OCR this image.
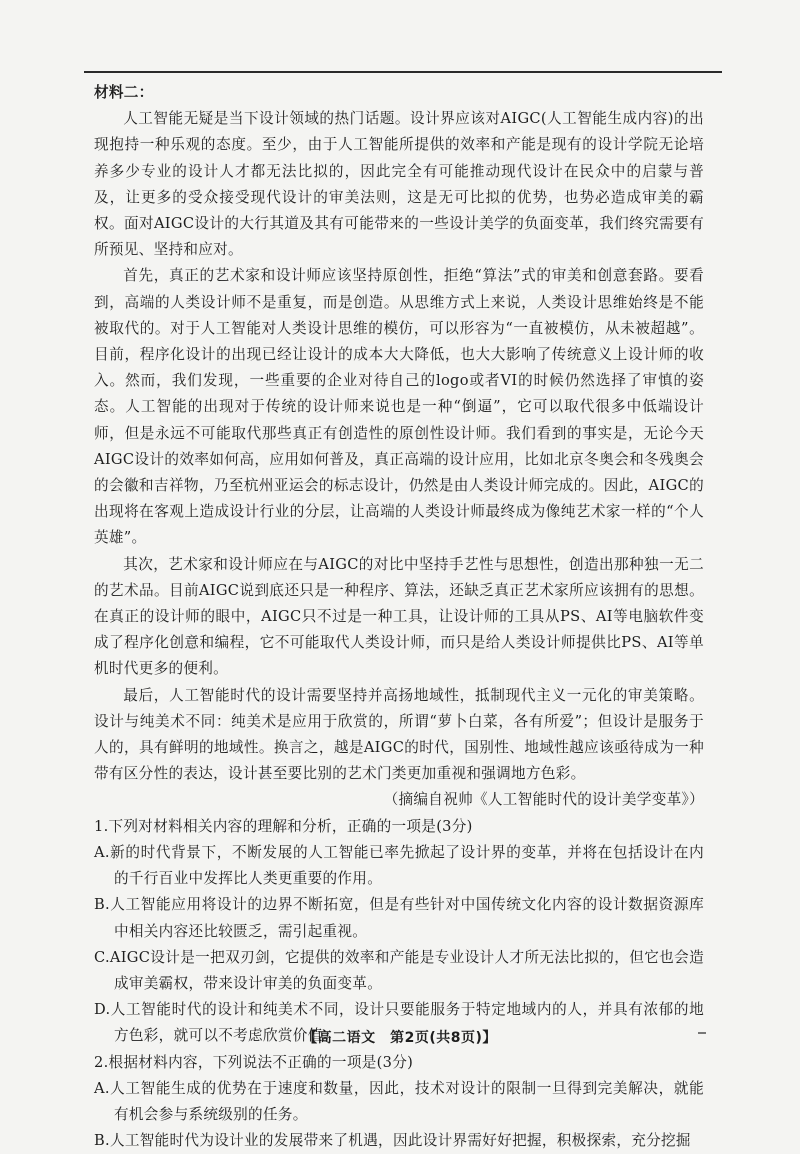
材料二：

人工智能无疑是当下设计领域的热门话题。设计界应该对AIGC(人工智能生成内容)的出现抱持一种乐观的态度。至少，由于人工智能所提供的效率和产能是现有的设计学院无论培养多少专业的设计人才都无法比拟的，因此完全有可能推动现代设计在民众中的启蒙与普及，让更多的受众接受现代设计的审美法则，这是无可比拟的优势，也势必造成审美的霸权。面对AIGC设计的大行其道及其有可能带来的一些设计美学的负面变革，我们终究需要有所预见、坚持和应对。

首先，真正的艺术家和设计师应该坚持原创性，拒绝“算法”式的审美和创意套路。要看到，高端的人类设计师不是重复，而是创造。从思维方式上来说，人类设计思维始终是不能被取代的。对于人工智能对人类设计思维的模仿，可以形容为“一直被模仿，从未被超越”。目前，程序化设计的出现已经让设计的成本大大降低，也大大影响了传统意义上设计师的收入。然而，我们发现，一些重要的企业对待自己的logo或者VI的时候仍然选择了审慎的姿态。人工智能的出现对于传统的设计师来说也是一种“倒逼”，它可以取代很多中低端设计师，但是永远不可能取代那些真正有创造性的原创性设计师。我们看到的事实是，无论今天AIGC设计的效率如何高，应用如何普及，真正高端的设计应用，比如北京冬奥会和冬残奥会的会徽和吉祥物，乃至杭州亚运会的标志设计，仍然是由人类设计师完成的。因此，AIGC的出现将在客观上造成设计行业的分层，让高端的人类设计师最终成为像纯艺术家一样的“个人英雄”。

其次，艺术家和设计师应在与AIGC的对比中坚持手艺性与思想性，创造出那种独一无二的艺术品。目前AIGC说到底还只是一种程序、算法，还缺乏真正艺术家所应该拥有的思想。在真正的设计师的眼中，AIGC只不过是一种工具，让设计师的工具从PS、AI等电脑软件变成了程序化创意和编程，它不可能取代人类设计师，而只是给人类设计师提供比PS、AI等单机时代更多的便利。

最后，人工智能时代的设计需要坚持并高扬地域性，抵制现代主义一元化的审美策略。设计与纯美术不同：纯美术是应用于欣赏的，所谓“萝卜白菜，各有所爱”；但设计是服务于人的，具有鲜明的地域性。换言之，越是AIGC的时代，国别性、地域性越应该亟待成为一种带有区分性的表达，设计甚至要比别的艺术门类更加重视和强调地方色彩。

（摘编自祝帅《人工智能时代的设计美学变革》）

1.下列对材料相关内容的理解和分析，正确的一项是(3分)

A.新的时代背景下，不断发展的人工智能已率先掀起了设计界的变革，并将在包括设计在内的千行百业中发挥比人类更重要的作用。

B.人工智能应用将设计的边界不断拓宽，但是有些针对中国传统文化内容的设计数据资源库中相关内容还比较匮乏，需引起重视。

C.AIGC设计是一把双刃剑，它提供的效率和产能是专业设计人才所无法比拟的，但它也会造成审美霸权，带来设计审美的负面变革。

D.人工智能时代的设计和纯美术不同，设计只要能服务于特定地域内的人，并具有浓郁的地方色彩，就可以不考虑欣赏价值。

2.根据材料内容，下列说法不正确的一项是(3分)

A.人工智能生成的优势在于速度和数量，因此，技术对设计的限制一旦得到完美解决，就能有机会参与系统级别的任务。

B.人工智能时代为设计业的发展带来了机遇，因此设计界需好好把握，积极探索，充分挖掘

【高二语文　第2页(共8页)】
